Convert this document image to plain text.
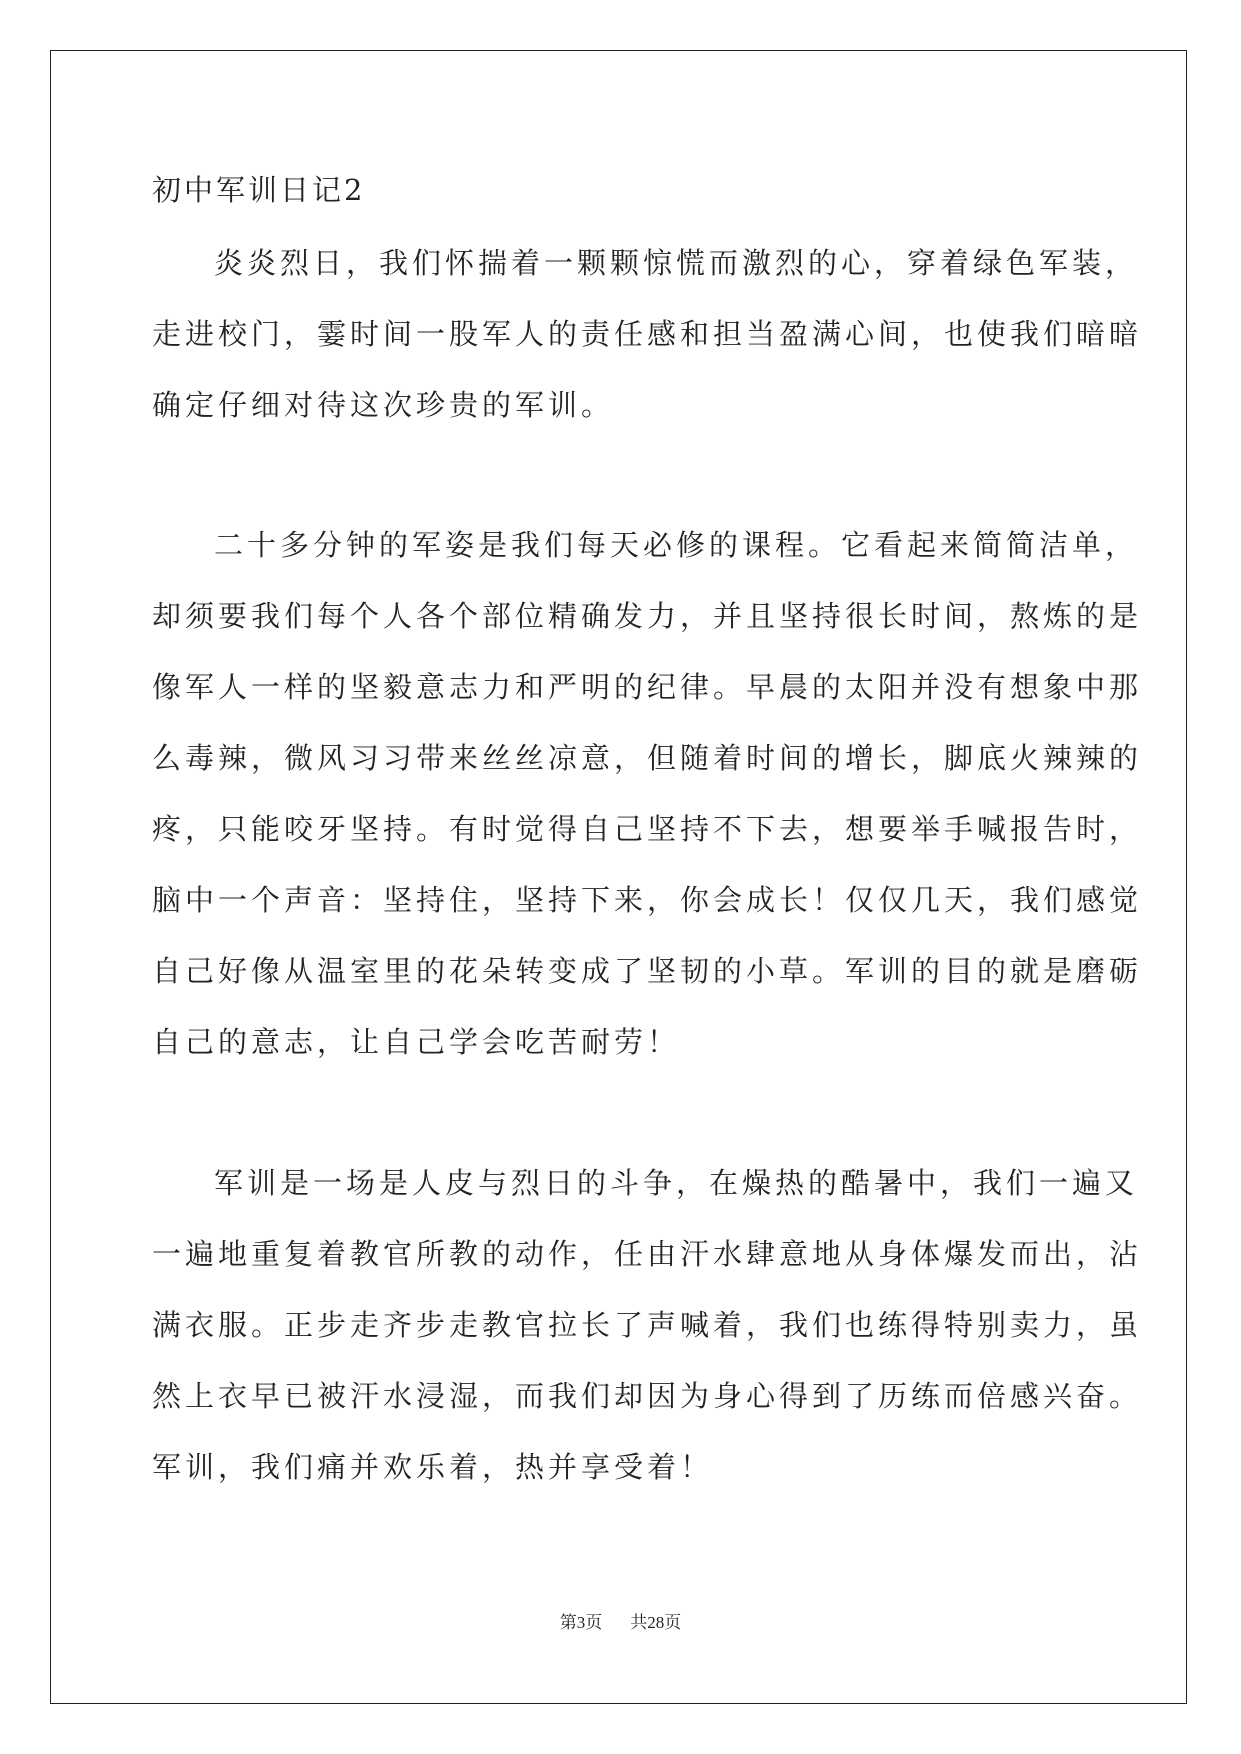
初中军训日记2
炎炎烈日，我们怀揣着一颗颗惊慌而激烈的心，穿着绿色军装，
走进校门，霎时间一股军人的责任感和担当盈满心间，也使我们暗暗
确定仔细对待这次珍贵的军训。
二十多分钟的军姿是我们每天必修的课程。它看起来简简洁单，
却须要我们每个人各个部位精确发力，并且坚持很长时间，熬炼的是
像军人一样的坚毅意志力和严明的纪律。早晨的太阳并没有想象中那
么毒辣，微风习习带来丝丝凉意，但随着时间的增长，脚底火辣辣的
疼，只能咬牙坚持。有时觉得自己坚持不下去，想要举手喊报告时，
脑中一个声音：坚持住，坚持下来，你会成长！仅仅几天，我们感觉
自己好像从温室里的花朵转变成了坚韧的小草。军训的目的就是磨砺
自己的意志，让自己学会吃苦耐劳！
军训是一场是人皮与烈日的斗争，在燥热的酷暑中，我们一遍又
一遍地重复着教官所教的动作，任由汗水肆意地从身体爆发而出，沾
满衣服。正步走齐步走教官拉长了声喊着，我们也练得特别卖力，虽
然上衣早已被汗水浸湿，而我们却因为身心得到了历练而倍感兴奋。
军训，我们痛并欢乐着，热并享受着！
第3页 共28页
